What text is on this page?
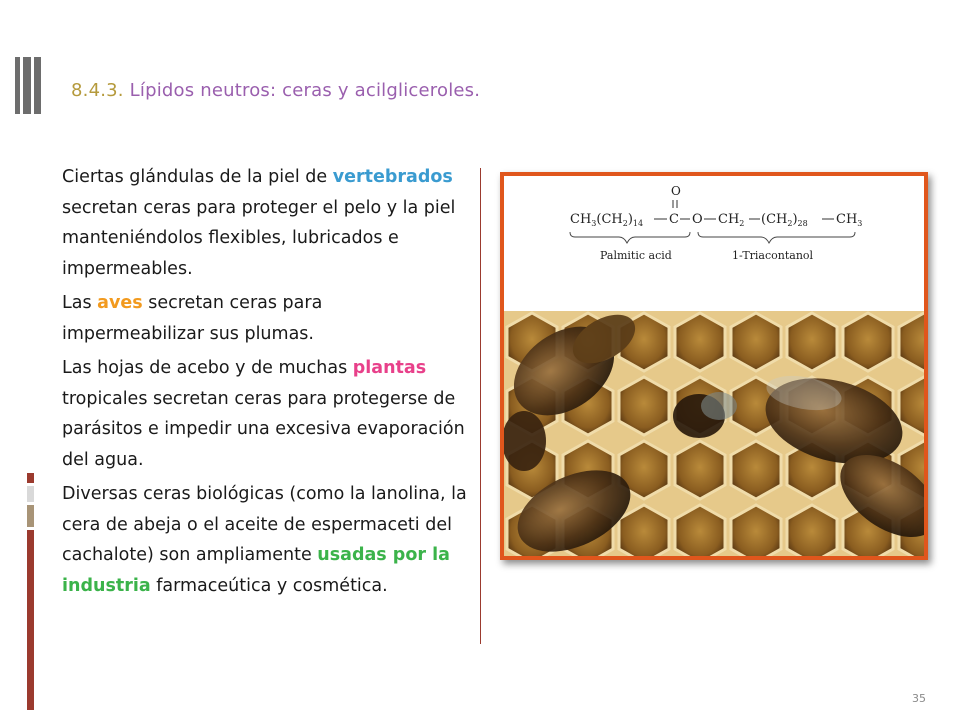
8.4.3. Lípidos neutros: ceras y acilgliceroles.

Ciertas glándulas de la piel de vertebrados  secretan ceras para proteger el pelo y la piel manteniéndolos flexibles, lubricados e impermeables.

Las aves secretan ceras para impermeabilizar sus plumas.

Las hojas de acebo y de muchas plantas tropicales secretan ceras para protegerse de parásitos e impedir una excesiva evaporación del agua.

Diversas ceras biológicas (como la lanolina, la cera de abeja o el aceite de espermaceti del cachalote) son ampliamente usadas por la industria farmaceútica y cosmética.

O
$CH_3(CH_2)_{14}$ C O $CH_2$ $(CH_2)_{28}$ $CH_3$
Palmitic acid	1-Triacontanol
35
